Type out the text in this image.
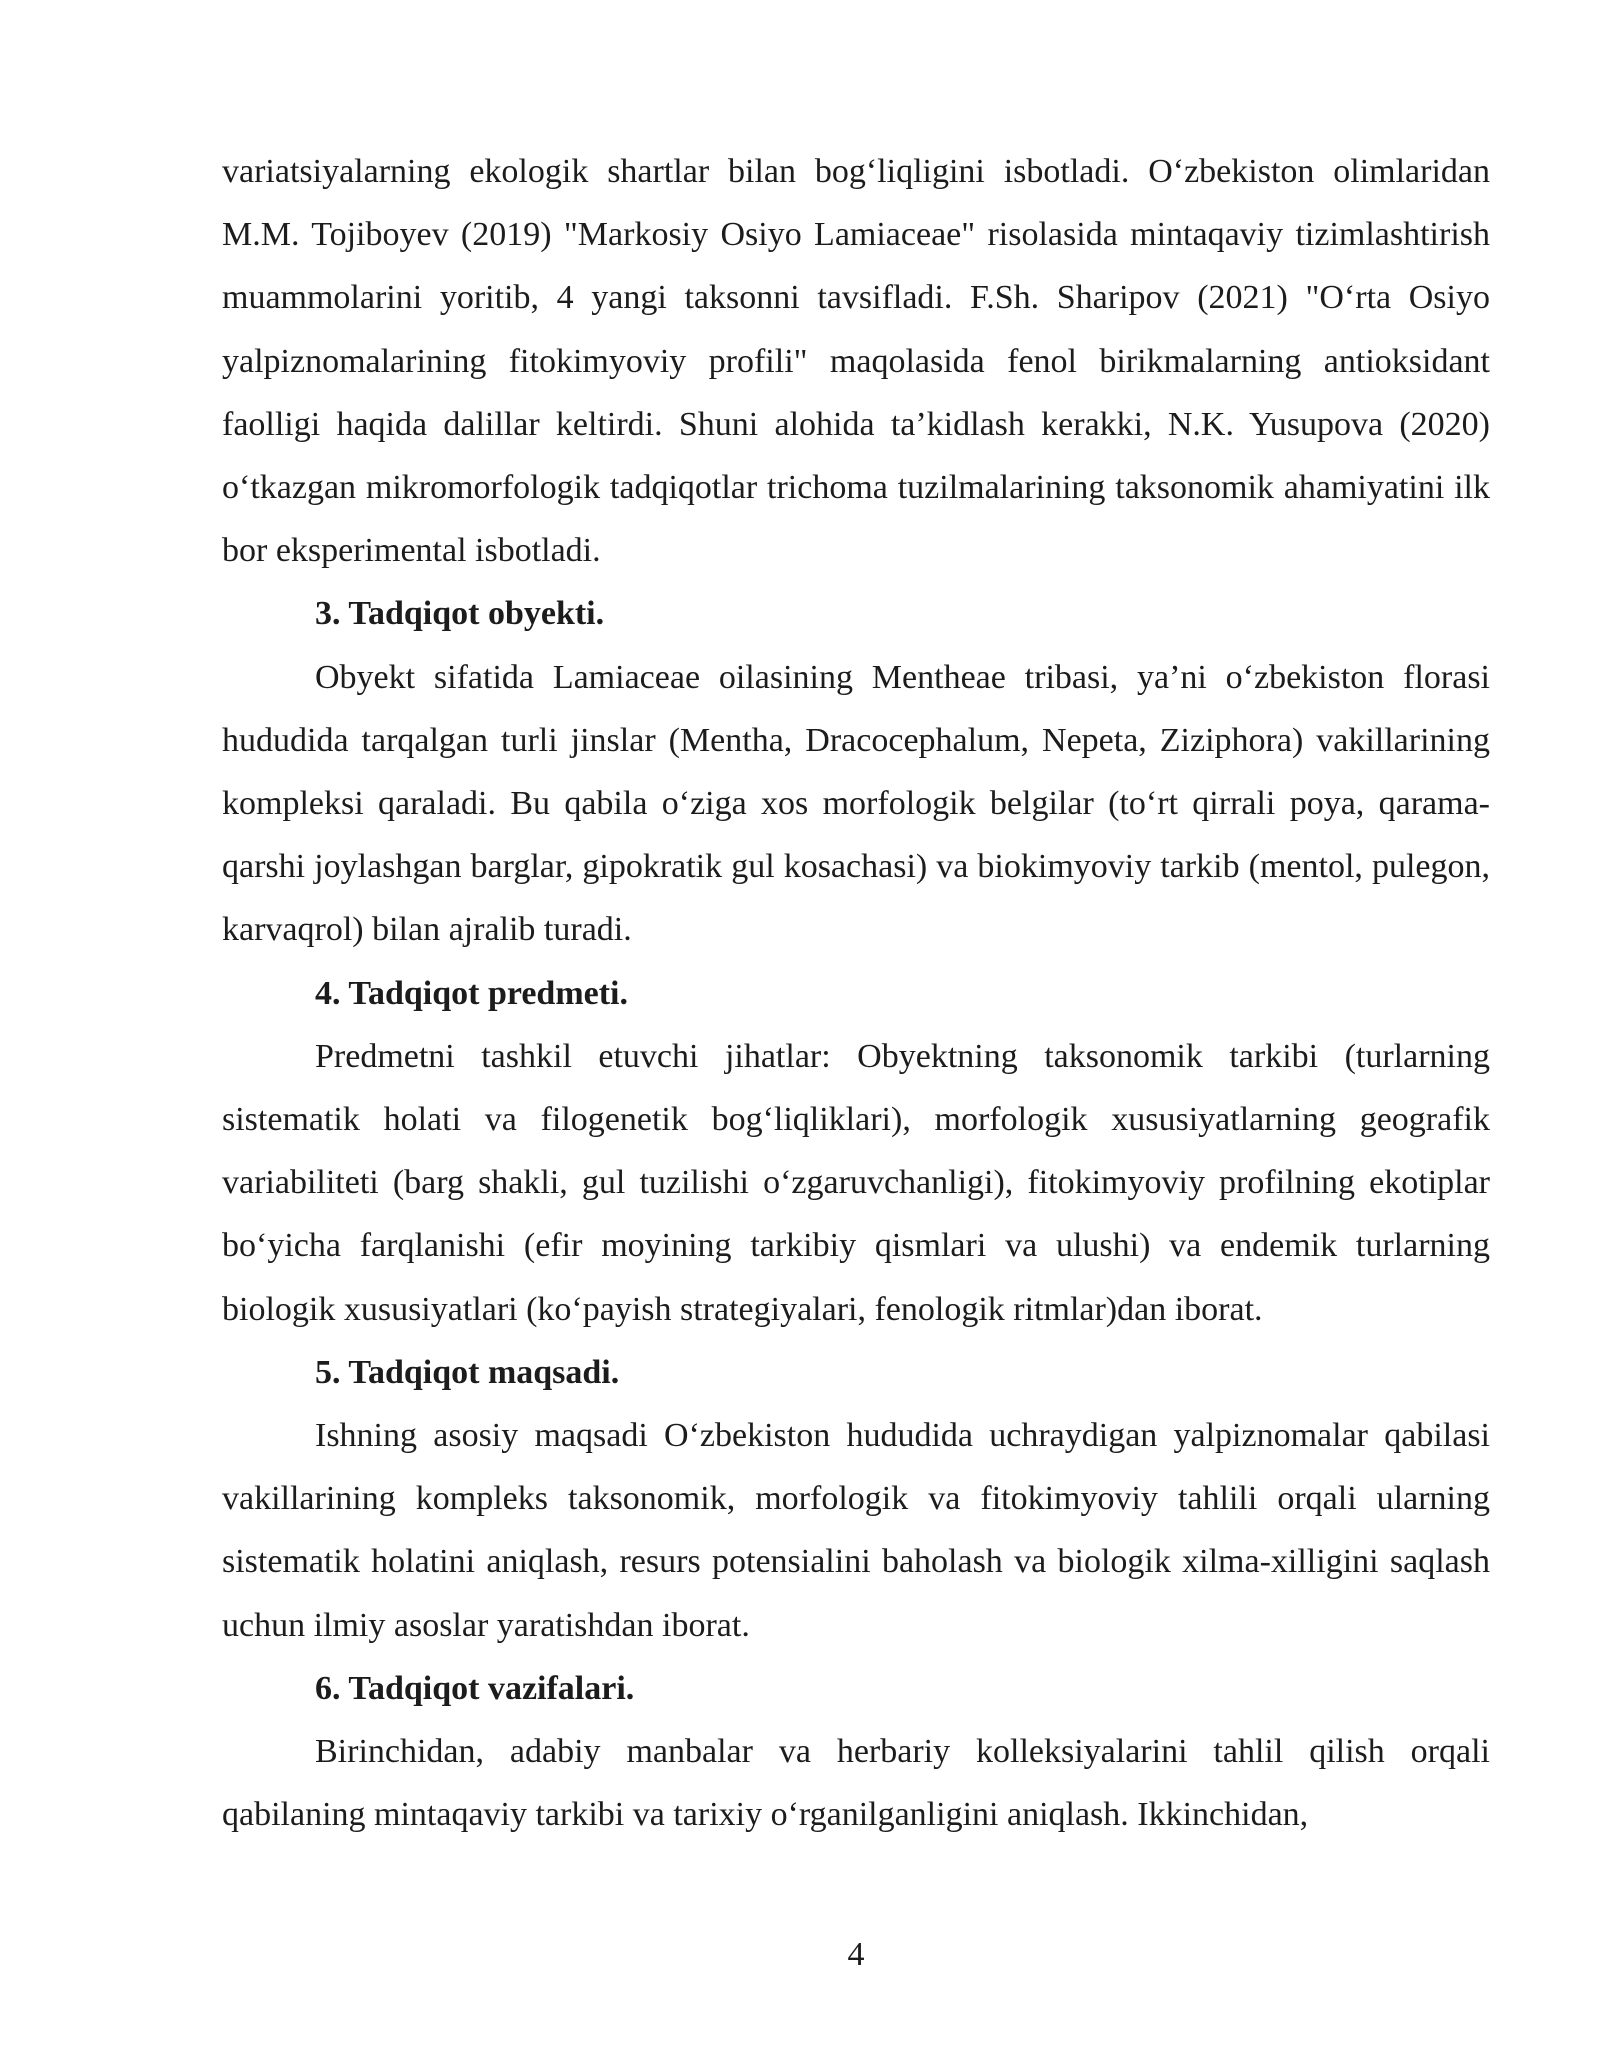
variatsiyalarning ekologik shartlar bilan bog‘liqligini isbotladi. O‘zbekiston olimlaridan M.M. Tojiboyev (2019) "Markosiy Osiyo Lamiaceae" risolasida mintaqaviy tizimlashtirish muammolarini yoritib, 4 yangi taksonni tavsifladi. F.Sh. Sharipov (2021) "O‘rta Osiyo yalpiznomalarining fitokimyoviy profili" maqolasida fenol birikmalarning antioksidant faolligi haqida dalillar keltirdi. Shuni alohida ta’kidlash kerakki, N.K. Yusupova (2020) o‘tkazgan mikromorfologik tadqiqotlar trichoma tuzilmalarining taksonomik ahamiyatini ilk bor eksperimental isbotladi.

3. Tadqiqot obyekti.

Obyekt sifatida Lamiaceae oilasining Mentheae tribasi, ya’ni o‘zbekiston florasi hududida tarqalgan turli jinslar (Mentha, Dracocephalum, Nepeta, Ziziphora) vakillarining kompleksi qaraladi. Bu qabila o‘ziga xos morfologik belgilar (to‘rt qirrali poya, qarama-qarshi joylashgan barglar, gipokratik gul kosachasi) va biokimyoviy tarkib (mentol, pulegon, karvaqrol) bilan ajralib turadi.

4. Tadqiqot predmeti.

Predmetni tashkil etuvchi jihatlar: Obyektning taksonomik tarkibi (turlarning sistematik holati va filogenetik bog‘liqliklari), morfologik xususiyatlarning geografik variabiliteti (barg shakli, gul tuzilishi o‘zgaruvchanligi), fitokimyoviy profilning ekotiplar bo‘yicha farqlanishi (efir moyining tarkibiy qismlari va ulushi) va endemik turlarning biologik xususiyatlari (ko‘payish strategiyalari, fenologik ritmlar)dan iborat.

5. Tadqiqot maqsadi.

Ishning asosiy maqsadi O‘zbekiston hududida uchraydigan yalpiznomalar qabilasi vakillarining kompleks taksonomik, morfologik va fitokimyoviy tahlili orqali ularning sistematik holatini aniqlash, resurs potensialini baholash va biologik xilma-xilligini saqlash uchun ilmiy asoslar yaratishdan iborat.

6. Tadqiqot vazifalari.

Birinchidan, adabiy manbalar va herbariy kolleksiyalarini tahlil qilish orqali qabilaning mintaqaviy tarkibi va tarixiy o‘rganilganligini aniqlash. Ikkinchidan,

4
